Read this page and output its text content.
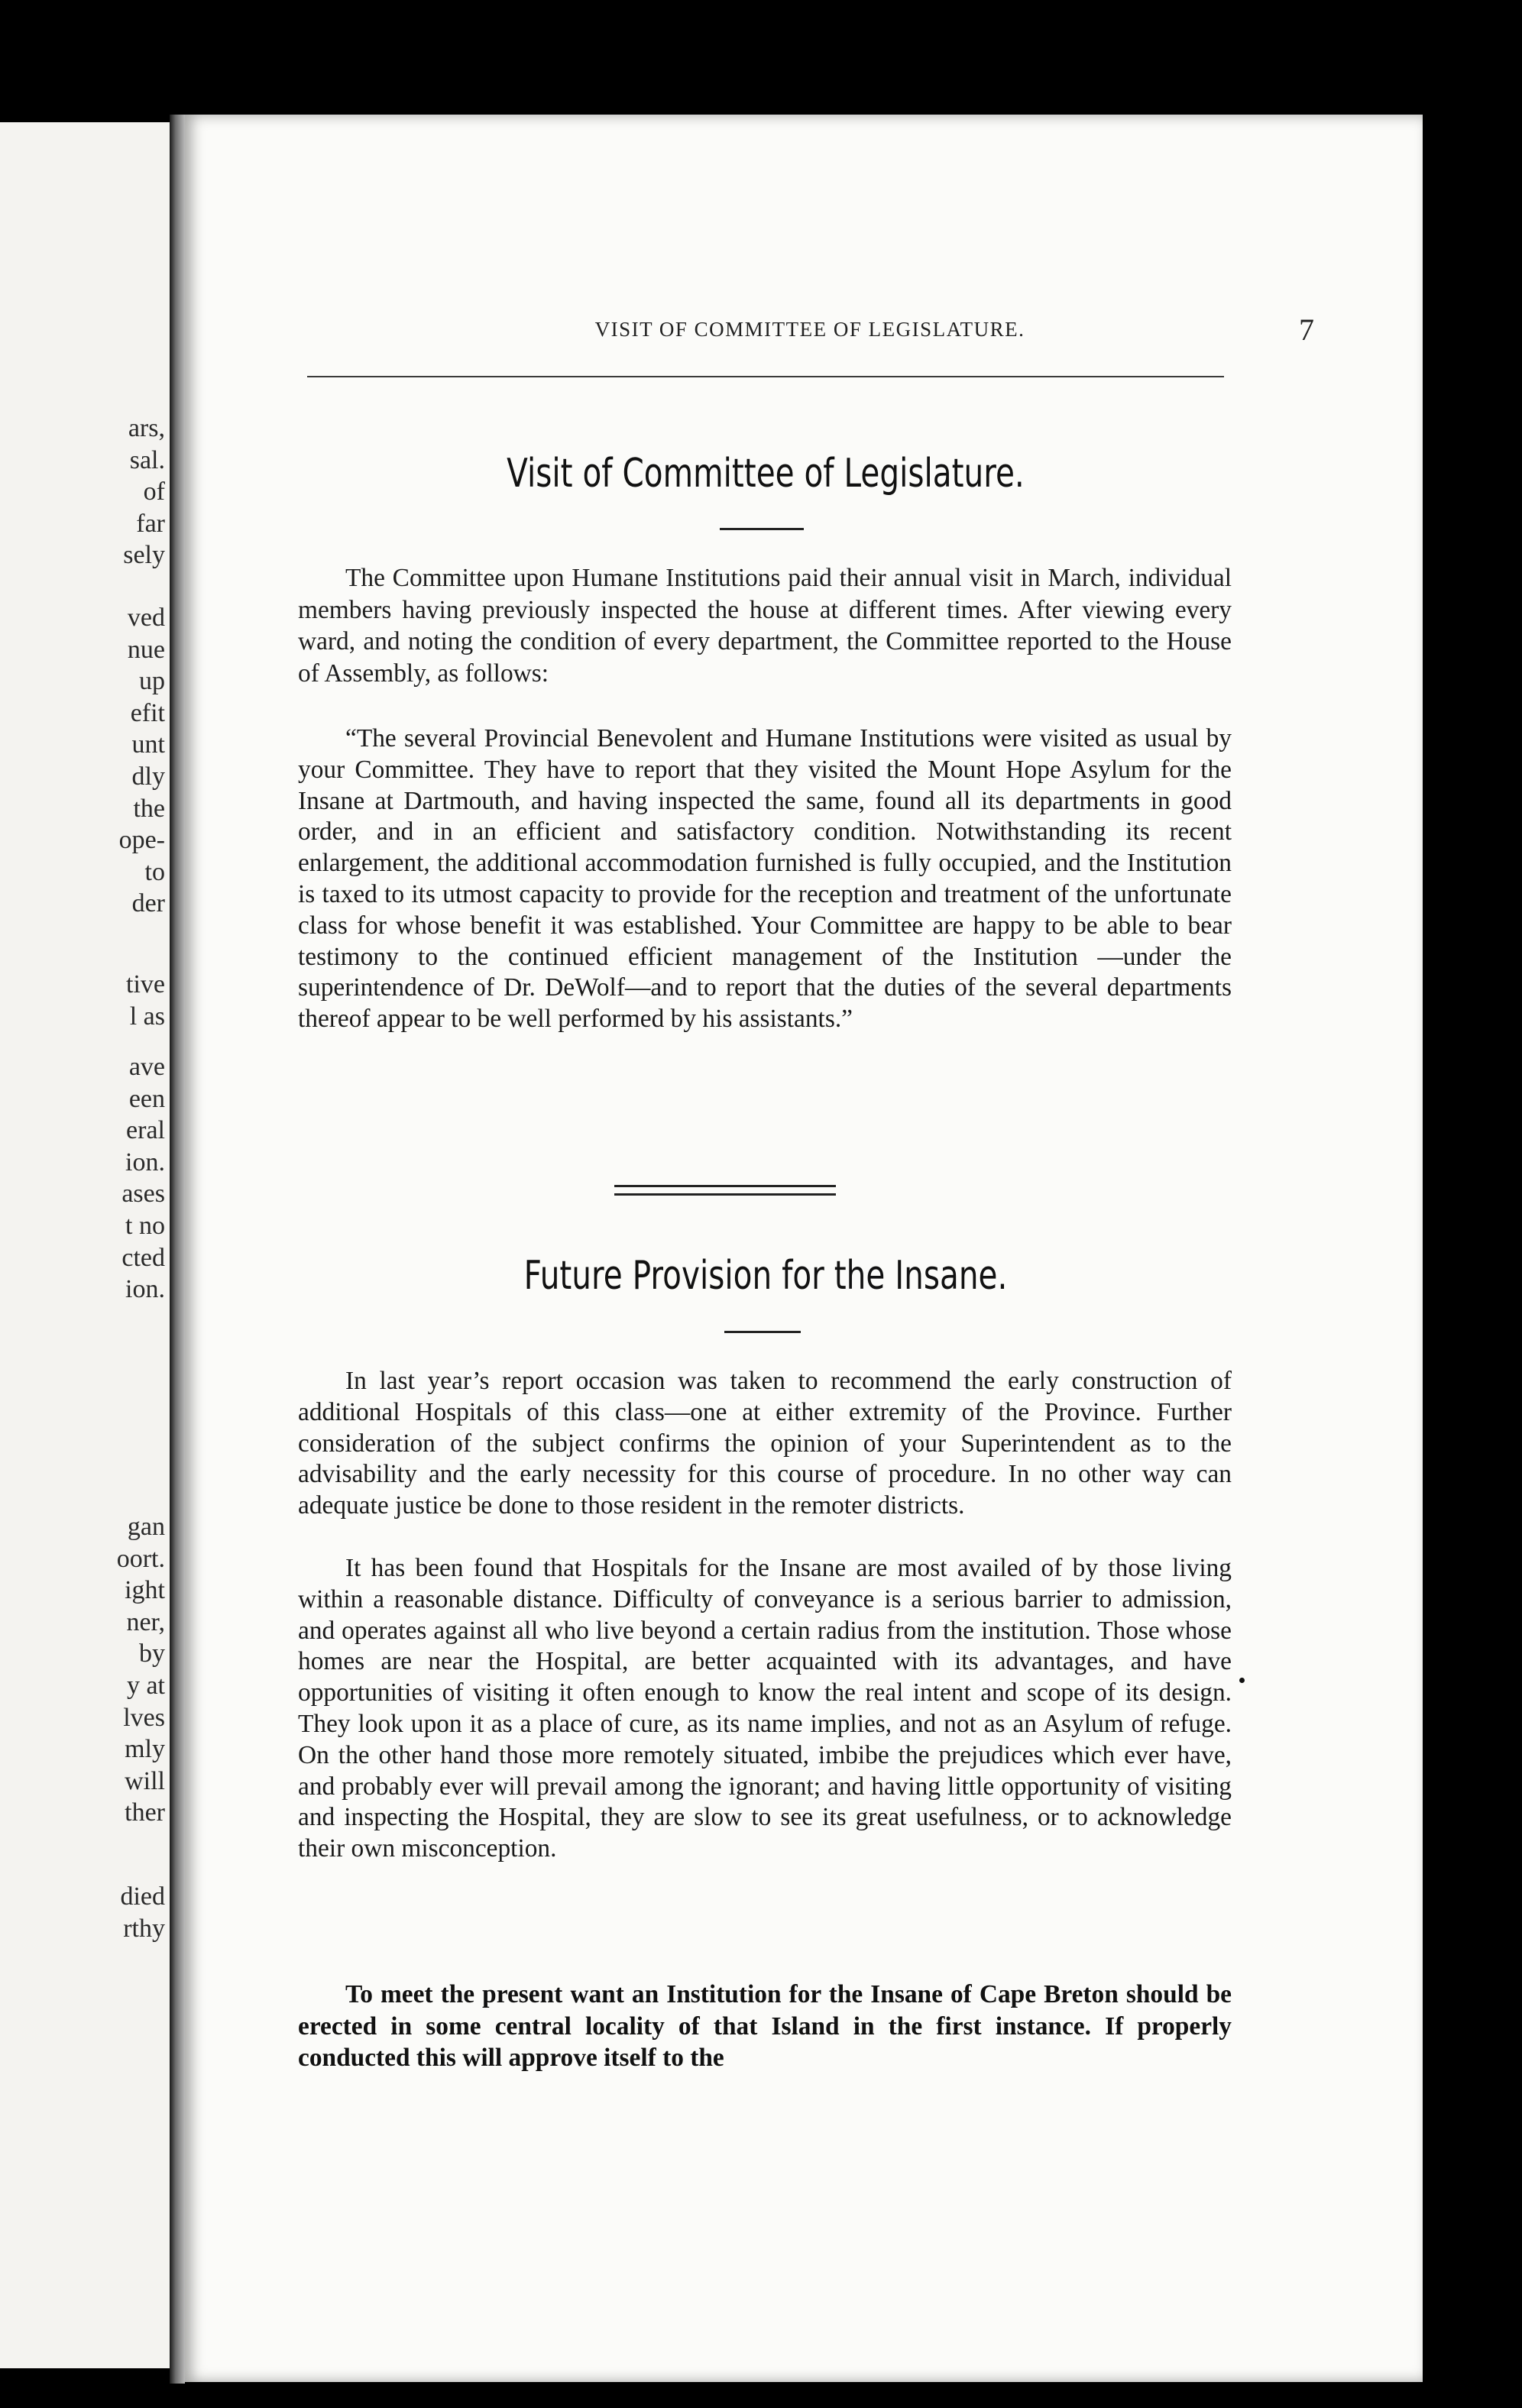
ars,
sal.
of
far
sely
ved
nue
up
efit
unt
dly
the
ope-
to
der
tive
l as
ave
een
eral
ion.
ases
t no
cted
ion.
gan
oort.
ight
ner,
by
y at
lves
mly
will
ther
died
rthy
VISIT OF COMMITTEE OF LEGISLATURE.	7
Visit of Committee of Legislature.

The Committee upon Humane Institutions paid their annual visit in March, individual members having previously inspected the house at different times. After viewing every ward, and noting the condition of every department, the Committee reported to the House of Assembly, as follows:

“The several Provincial Benevolent and Humane Institutions were visited as usual by your Committee. They have to report that they visited the Mount Hope Asylum for the Insane at Dartmouth, and having inspected the same, found all its departments in good order, and in an efficient and satisfactory condition. Notwithstanding its recent enlargement, the additional accommodation furnished is fully occupied, and the Institution is taxed to its utmost capacity to provide for the reception and treatment of the unfortunate class for whose benefit it was established. Your Committee are happy to be able to bear testimony to the continued efficient management of the Institution —under the superintendence of Dr. DeWolf—and to report that the duties of the several departments thereof appear to be well performed by his assistants.”

Future Provision for the Insane.

In last year’s report occasion was taken to recommend the early construction of additional Hospitals of this class—one at either extremity of the Province. Further consideration of the subject confirms the opinion of your Superintendent as to the advisability and the early necessity for this course of procedure. In no other way can adequate justice be done to those resident in the remoter districts.

It has been found that Hospitals for the Insane are most availed of by those living within a reasonable distance. Difficulty of conveyance is a serious barrier to admission, and operates against all who live beyond a certain radius from the institution. Those whose homes are near the Hospital, are better acquainted with its advantages, and have opportunities of visiting it often enough to know the real intent and scope of its design. They look upon it as a place of cure, as its name implies, and not as an Asylum of refuge. On the other hand those more remotely situated, imbibe the prejudices which ever have, and probably ever will prevail among the ignorant; and having little opportunity of visiting and inspecting the Hospital, they are slow to see its great usefulness, or to acknowledge their own misconception.

To meet the present want an Institution for the Insane of Cape Breton should be erected in some central locality of that Island in the first instance. If properly conducted this will approve itself to the
